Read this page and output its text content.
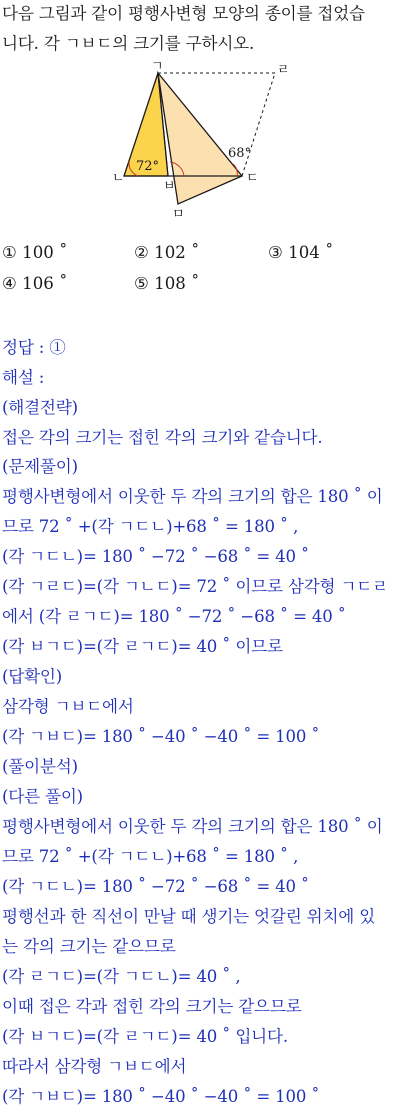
다음 그림과 같이 평행사변형 모양의 종이를 접었습
니다. 각 ㄱㅂㄷ의 크기를 구하시오.
72°
68°
ㄱ	ㄹ
ㄴ
ㅂ
ㄷ
ㅁ
① 100 ˚	② 102 ˚	③ 104 ˚
④ 106 ˚	⑤ 108 ˚
정답 : ①
해설 :
(해결전략)
접은 각의 크기는 접힌 각의 크기와 같습니다.
(문제풀이)
평행사변형에서 이웃한 두 각의 크기의 합은 180 ˚ 이
므로 72 ˚ +(각 ㄱㄷㄴ)+68 ˚ = 180 ˚ ,
(각 ㄱㄷㄴ)= 180 ˚ −72 ˚ −68 ˚ = 40 ˚
(각 ㄱㄹㄷ)=(각 ㄱㄴㄷ)= 72 ˚ 이므로 삼각형 ㄱㄷㄹ
에서 (각 ㄹㄱㄷ)= 180 ˚ −72 ˚ −68 ˚ = 40 ˚
(각 ㅂㄱㄷ)=(각 ㄹㄱㄷ)= 40 ˚ 이므로
(답확인)
삼각형 ㄱㅂㄷ에서
(각 ㄱㅂㄷ)= 180 ˚ −40 ˚ −40 ˚ = 100 ˚
(풀이분석)
(다른 풀이)
평행사변형에서 이웃한 두 각의 크기의 합은 180 ˚ 이
므로 72 ˚ +(각 ㄱㄷㄴ)+68 ˚ = 180 ˚ ,
(각 ㄱㄷㄴ)= 180 ˚ −72 ˚ −68 ˚ = 40 ˚
평행선과 한 직선이 만날 때 생기는 엇갈린 위치에 있
는 각의 크기는 같으므로
(각 ㄹㄱㄷ)=(각 ㄱㄷㄴ)= 40 ˚ ,
이때 접은 각과 접힌 각의 크기는 같으므로
(각 ㅂㄱㄷ)=(각 ㄹㄱㄷ)= 40 ˚ 입니다.
따라서 삼각형 ㄱㅂㄷ에서
(각 ㄱㅂㄷ)= 180 ˚ −40 ˚ −40 ˚ = 100 ˚
